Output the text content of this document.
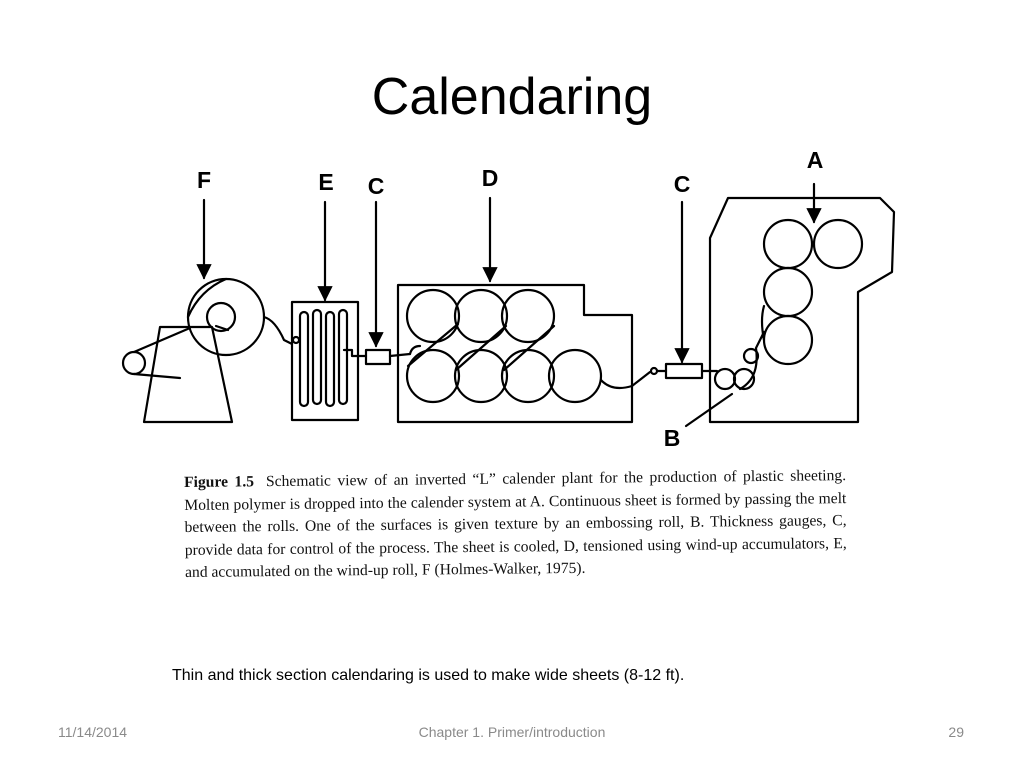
Calendaring
F	E C	D	C
A
B
Figure 1.5 Schematic view of an inverted “L” calender plant for the production of plastic sheeting. Molten polymer is dropped into the calender system at A. Continuous sheet is formed by passing the melt between the rolls. One of the surfaces is given texture by an embossing roll, B. Thickness gauges, C, provide data for control of the process. The sheet is cooled, D, tensioned using wind-up accumulators, E, and accumulated on the wind-up roll, F (Holmes-Walker, 1975).
Thin and thick section calendaring is used to make wide sheets (8-12 ft).
11/14/2014	Chapter 1. Primer/introduction	29
